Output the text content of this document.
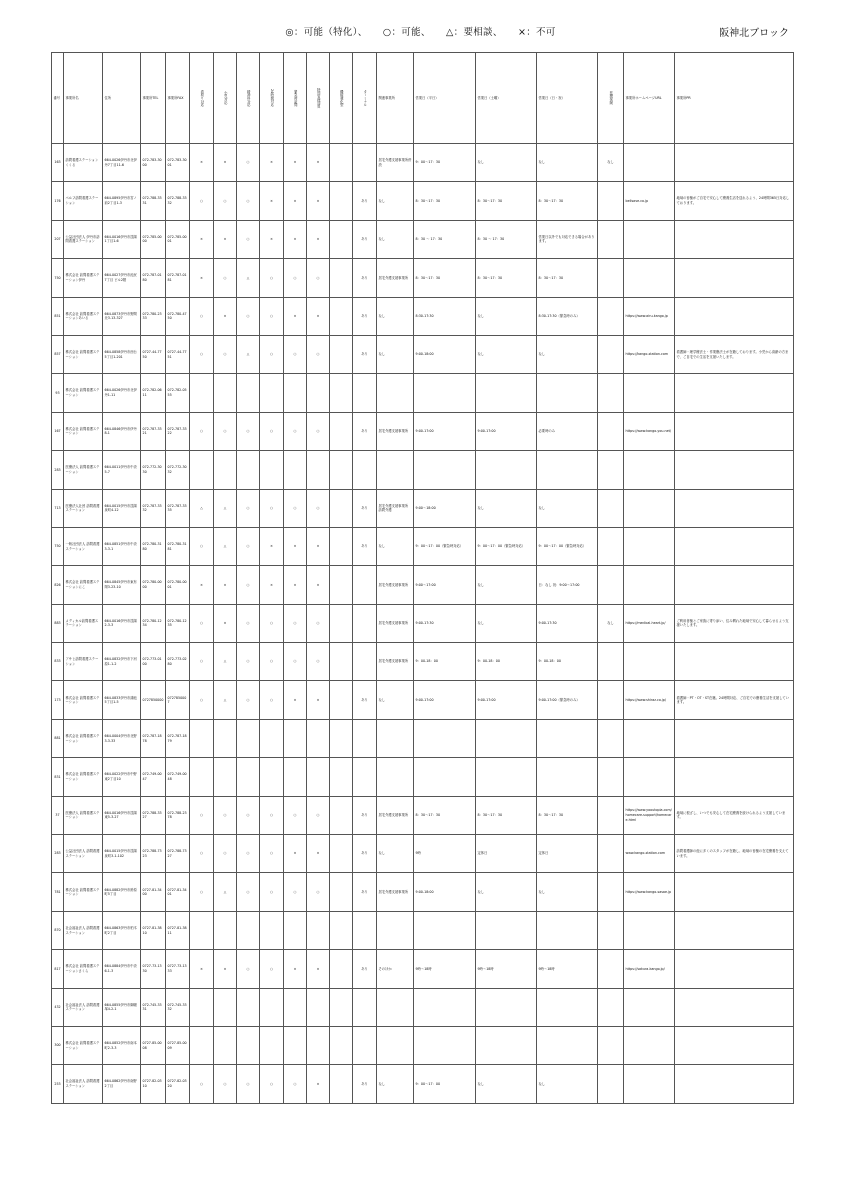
◎：可能（特化）、 ○：可能、 △：要相談、 ×：不可	阪神北ブロック
番号	事業所名	住所	事業所TEL	事業所FAX	看取り対応	小児対応	精神科対応	24時間対応	緊急時訪問	特別管理加算	機能強化型	ターミナル	関連事業所	営業日（平日）	営業日（土曜）	営業日（日・祝）	医療保険	事業所ホームページURL	事業所PR
163	訪問看護ステーションくくる	664-0026伊丹市北伊丹7丁目11-6	072-783-3000	072-783-3001	×	×	○	×	×	×			居宅介護支援事業所併設	9：00〜17：30	なし	なし	なし		
176	ベルフ訪問看護ステーション	664-0895伊丹市宮ノ前2丁目1-3	072-788-3331	072-788-3332	○	○	○	×	×	×		あり	なし	8：30〜17：30	8：30〜17：30	8：30〜17：30		bellsave.co.jp	地域の皆様がご自宅で安心して療養生活を送れるよう、24時間365日対応しております。
207	公益社団法人 伊丹市訪問看護ステーション	664-0016伊丹市昆陽1丁目1-6	072-785-0000	072-785-0001	×	×	○	×	×	×		あり	なし	8：30 〜 17：30	8：30 〜 17：30	営業日以外でも対応できる場合があります。			
750	株式会社 訪問看護ステーション伊丹	664-0027伊丹市池尻7丁目 ビル2階	072-787-0180	072-787-0181	×	○	△	○	○	○		あり	居宅介護支援事業所	8：30〜17：30	8：30〜17：30	8：30〜17：30			
851	株式会社 訪問看護ステーションあいる	664-0873伊丹市野間北3-13-327	072-780-2333	072-780-4750	○	×	○	○	×	×		あり	なし	8:30-17:30	なし	8:30-17:30（緊急時のみ）		https://www.airu-kango.jp	
857	株式会社 訪問看護ステーション	664-0858伊丹市西台5丁目1-201	0727-44-7750	0727-44-7751	○	○	△	○	○	○		あり	なし	9:00-18:00	なし	なし		https://kango-station.com	看護師・理学療法士・作業療法士が在籍しております。小児から高齢の方まで、ご自宅での生活を支援いたします。
93	株式会社 訪問看護ステーション	664-0026伊丹市北伊丹1-11	072-782-0611	072-782-0555															
167	株式会社 訪問看護ステーション	664-0846伊丹市伊丹8-1	072-787-3321	072-787-3322	○	○	○	○	○	○		あり	居宅介護支援事業所	9:00-17:00	9:00-17:00	必要時のみ		https://www.kango-you.net/	
283	医療法人 訪問看護ステーション	664-0011伊丹市中央5-7	072-772-3030	072-772-3032															
713	医療法人社団 訪問看護ステーション	664-0015伊丹市昆陽泉町4-12	072-787-3332	072-787-3335	△	△	○	○	○	○		あり	居宅介護支援事業所 訪問介護	9:00〜18:00	なし	なし			
750	一般社団法人 訪問看護ステーション	664-0851伊丹市中央3-3-1	072-780-3180	072-780-3181	○	△	○	×	×	×		あり	なし	9：00〜17：00（緊急時対応）	9：00〜17：00（緊急時対応）	9：00〜17：00（緊急時対応）			
826	株式会社 訪問看護ステーションにこ	664-0845伊丹市東有岡3-23-10	072-780-0000	072-780-0001	×	×	○	×	×	×			居宅介護支援事業所	9:00〜17:00	なし	日：なし 祝：9:00〜17:00			
883	メディカル訪問看護ステーション	664-0016伊丹市昆陽2-3-3	072-780-1234	072-780-1235	○	×	○	○	○	○			居宅介護支援事業所	9:00-17:30	なし	9:00-17:30	なし	https://medical-heart.jp/	ご利用者様とご家族に寄り添い、住み慣れた地域で安心して暮らせるよう支援いたします。
833	アサヒ訪問看護ステーション	664-0832伊丹市下河原1-1-2	072-773-0100	072-773-0280	○	△	○	○	○	○			居宅介護支援事業所	9：00-18：00	9：00-18：00	9：00-18：00			
173	株式会社 訪問看護ステーション	664-0833伊丹市鴻池5丁目1-5	0727850000	0727850007	○	△	○	○	×	×		あり	なし	9:00-17:00	9:00-17:00	9:00-17:00（緊急時のみ）		https://www.shiraz.co.jp/	看護師・PT・OT・ST在籍。24時間対応、ご自宅での療養生活を支援しています。
881	株式会社 訪問看護ステーション	664-0004伊丹市北野3-3-33	072-787-1878	072-787-1879															
831	株式会社 訪問看護ステーション	664-0022伊丹市中野東2丁目10	072-749-0047	072-749-0048															
37	医療法人 訪問看護ステーション	664-0016伊丹市昆陽東5-3-27	072-788-3327	072-788-2378	○	○	○	○	○	○		あり	居宅介護支援事業所	8：30〜17：30	8：30〜17：30	8：30〜17：30		https://www.yooutopia.com/homecare-support/homecare.html	地域に根ざし、いつでも安心して在宅療養を続けられるよう支援しています。
283	公益社団法人 訪問看護ステーション	664-0015伊丹市昆陽泉町3-1-102	072-788-7323	072-788-7327	○	○	○	○	×	×		あり	なし	9時	定休日	定休日		www.kango-station.com	訪問看護師の他に多くのスタッフが在籍し、地域の皆様の在宅療養を支えています。
781	株式会社 訪問看護ステーション	664-0882伊丹市鈴原町5丁目	0727-81-3400	0727-81-3401	○	△	○	○	○	○		あり	居宅介護支援事業所	9:00-18:00	なし	なし		https://www.kango-sasae.jp	
870	社会福祉法人 訪問看護ステーション	664-0863伊丹市柏木町2丁目	0727-81-3810	0727-81-3811															
817	株式会社 訪問看護ステーションさくら	664-0884伊丹市中央6-1-3	0727-73-1330	0727-73-1333	×	×	○	○	×	×		あり	そのほか	9時〜18時	9時〜18時	9時〜18時		https://sakura-kango.jp/	
432	社会福祉法人 訪問看護ステーション	664-0855伊丹市御願塚4-2-1	072-745-3331	072-745-3332															
300	株式会社 訪問看護ステーション	664-0852伊丹市南本町2-3-3	0727-85-0008	0727-85-0009															
253	社会福祉法人 訪問看護ステーション	664-0862伊丹市南野2丁目	0727-82-0310	0727-82-0320	○	○	○	○	○	×		あり	なし	9：00〜17：00	なし	なし			
